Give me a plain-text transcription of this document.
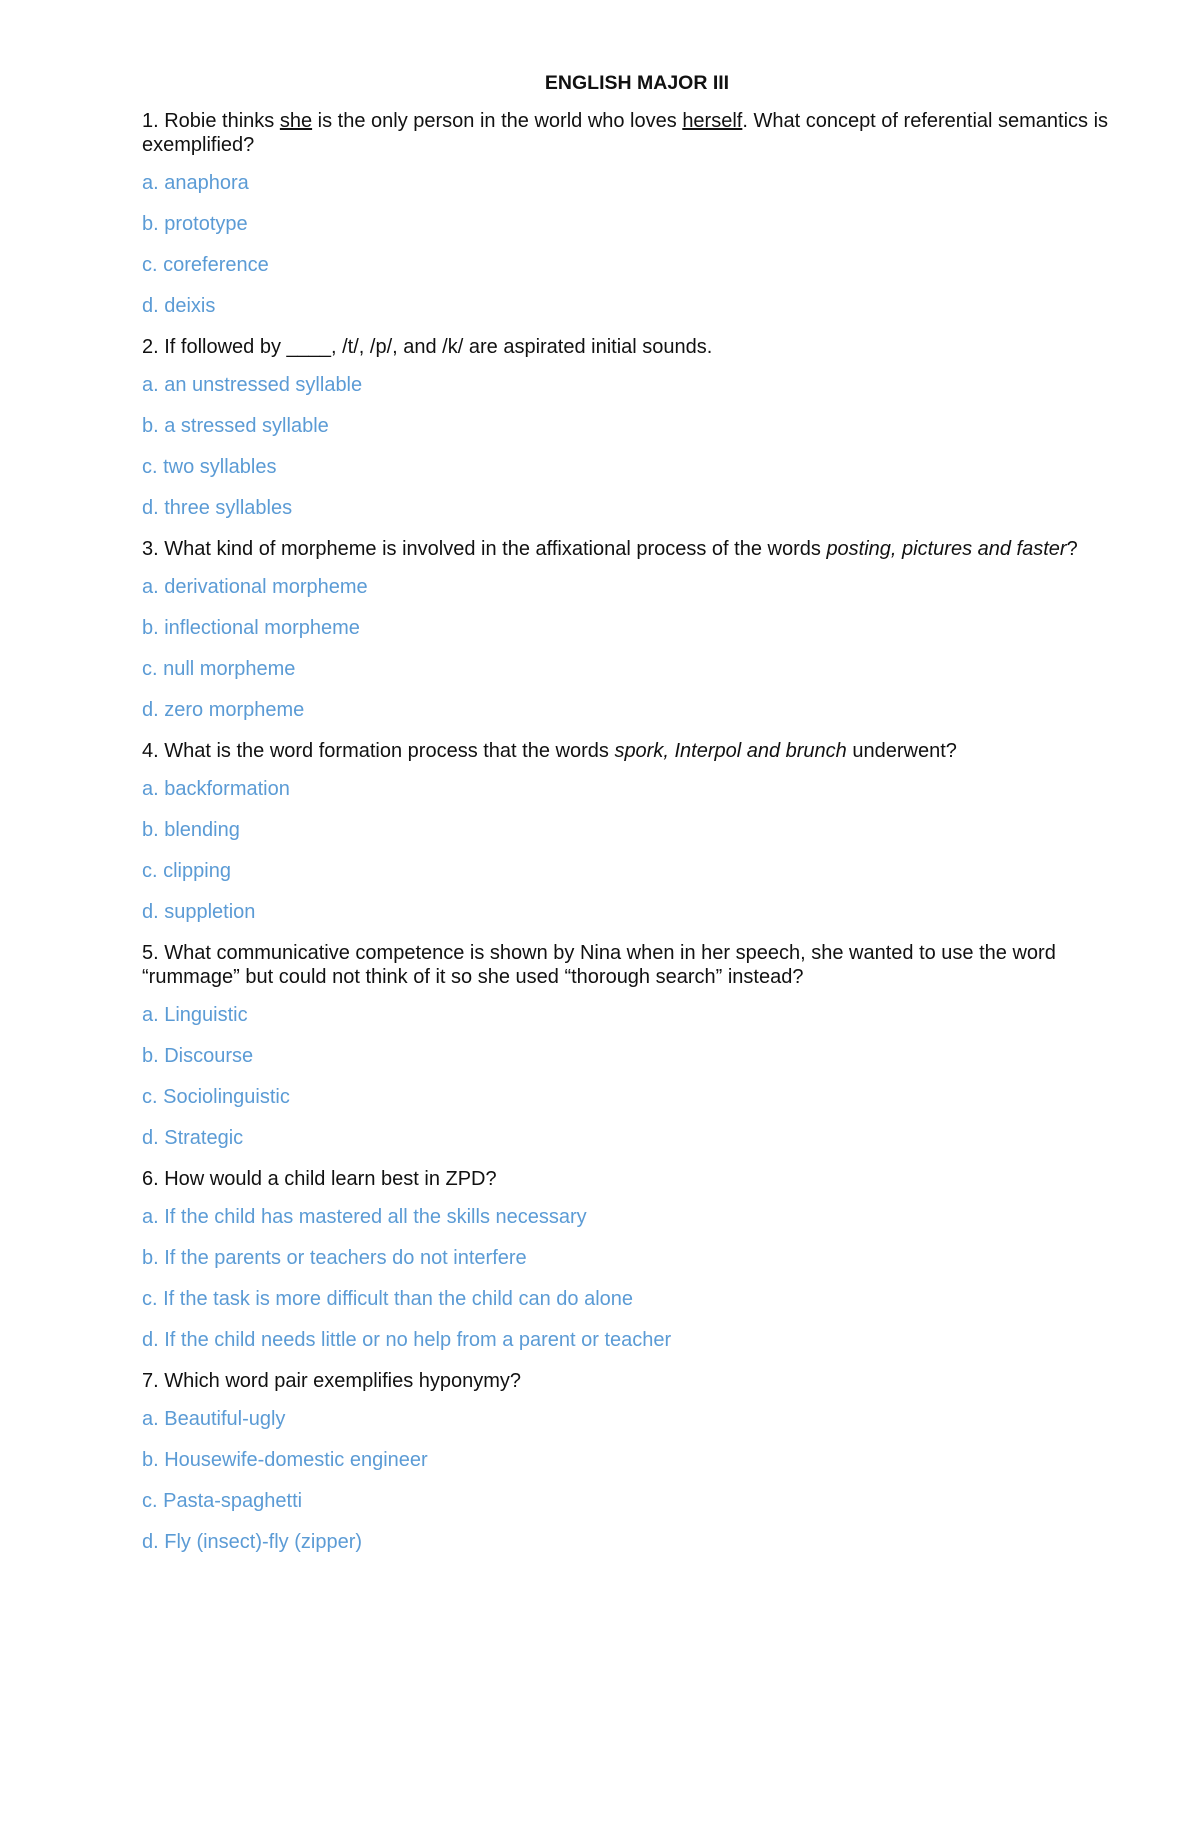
ENGLISH MAJOR III
1. Robie thinks she is the only person in the world who loves herself. What concept of referential semantics is exemplified?
a. anaphora
b. prototype
c. coreference
d. deixis
2. If followed by ____, /t/, /p/, and /k/ are aspirated initial sounds.
a. an unstressed syllable
b. a stressed syllable
c. two syllables
d. three syllables
3. What kind of morpheme is involved in the affixational process of the words posting, pictures and faster?
a. derivational morpheme
b. inflectional morpheme
c. null morpheme
d. zero morpheme
4. What is the word formation process that the words spork, Interpol and brunch underwent?
a. backformation
b. blending
c. clipping
d. suppletion
5. What communicative competence is shown by Nina when in her speech, she wanted to use the word “rummage” but could not think of it so she used “thorough search” instead?
a. Linguistic
b. Discourse
c. Sociolinguistic
d. Strategic
6. How would a child learn best in ZPD?
a. If the child has mastered all the skills necessary
b. If the parents or teachers do not interfere
c. If the task is more difficult than the child can do alone
d. If the child needs little or no help from a parent or teacher
7. Which word pair exemplifies hyponymy?
a. Beautiful-ugly
b. Housewife-domestic engineer
c. Pasta-spaghetti
d. Fly (insect)-fly (zipper)
